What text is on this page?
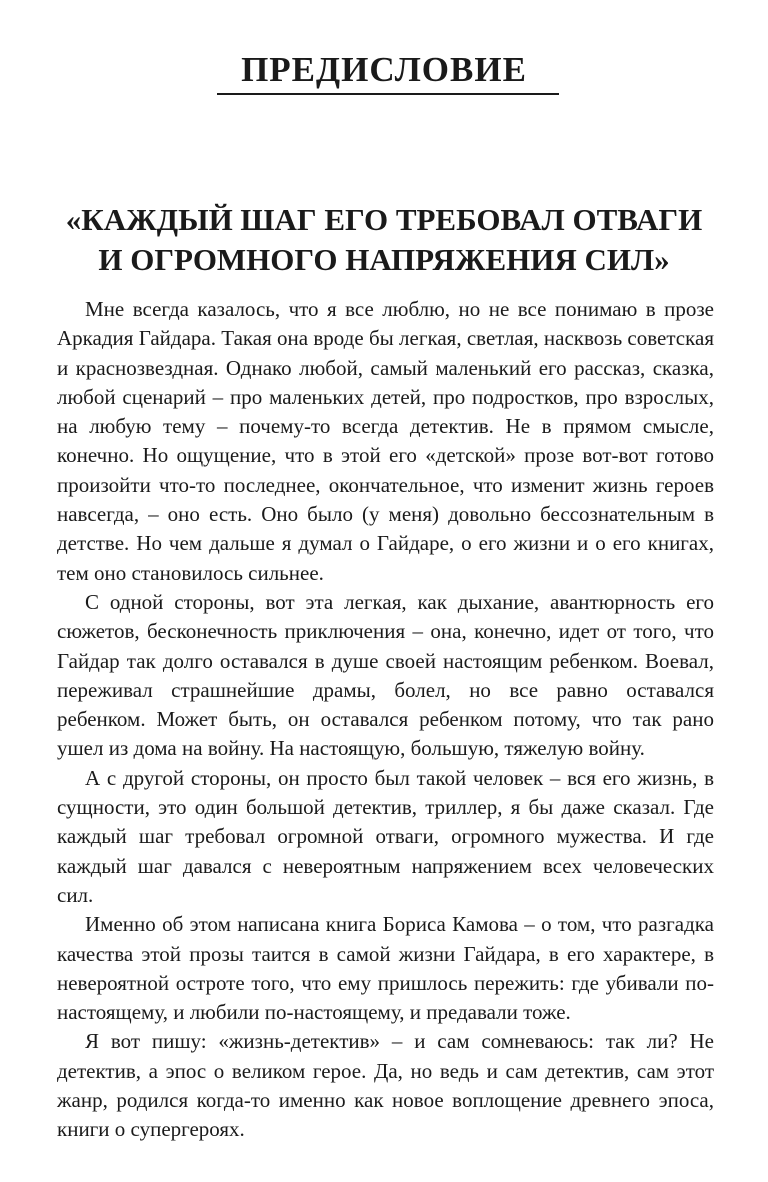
ПРЕДИСЛОВИЕ
«КАЖДЫЙ ШАГ ЕГО ТРЕБОВАЛ ОТВАГИ
И ОГРОМНОГО НАПРЯЖЕНИЯ СИЛ»

Мне всегда казалось, что я все люблю, но не все понимаю в прозе Аркадия Гайдара. Такая она вроде бы легкая, светлая, насквозь советская и краснозвездная. Однако любой, самый маленький его рассказ, сказка, любой сценарий – про маленьких детей, про подростков, про взрослых, на любую тему – почему-то всегда детектив. Не в прямом смысле, конечно. Но ощущение, что в этой его «детской» прозе вот-вот готово произойти что-то последнее, окончательное, что изменит жизнь героев навсегда, – оно есть. Оно было (у меня) довольно бессознательным в детстве. Но чем дальше я думал о Гайдаре, о его жизни и о его книгах, тем оно становилось сильнее.

С одной стороны, вот эта легкая, как дыхание, авантюрность его сюжетов, бесконечность приключения – она, конечно, идет от того, что Гайдар так долго оставался в душе своей настоящим ребенком. Воевал, переживал страшнейшие драмы, болел, но все равно оставался ребенком. Может быть, он оставался ребенком потому, что так рано ушел из дома на войну. На настоящую, большую, тяжелую войну.

А с другой стороны, он просто был такой человек – вся его жизнь, в сущности, это один большой детектив, триллер, я бы даже сказал. Где каждый шаг требовал огромной отваги, огромного мужества. И где каждый шаг давался с невероятным напряжением всех человеческих сил.

Именно об этом написана книга Бориса Камова – о том, что разгадка качества этой прозы таится в самой жизни Гайдара, в его характере, в невероятной остроте того, что ему пришлось пережить: где убивали по-настоящему, и любили по-настоящему, и предавали тоже.

Я вот пишу: «жизнь-детектив» – и сам сомневаюсь: так ли? Не детектив, а эпос о великом герое. Да, но ведь и сам детектив, сам этот жанр, родился когда-то именно как новое воплощение древнего эпоса, книги о супергероях.
